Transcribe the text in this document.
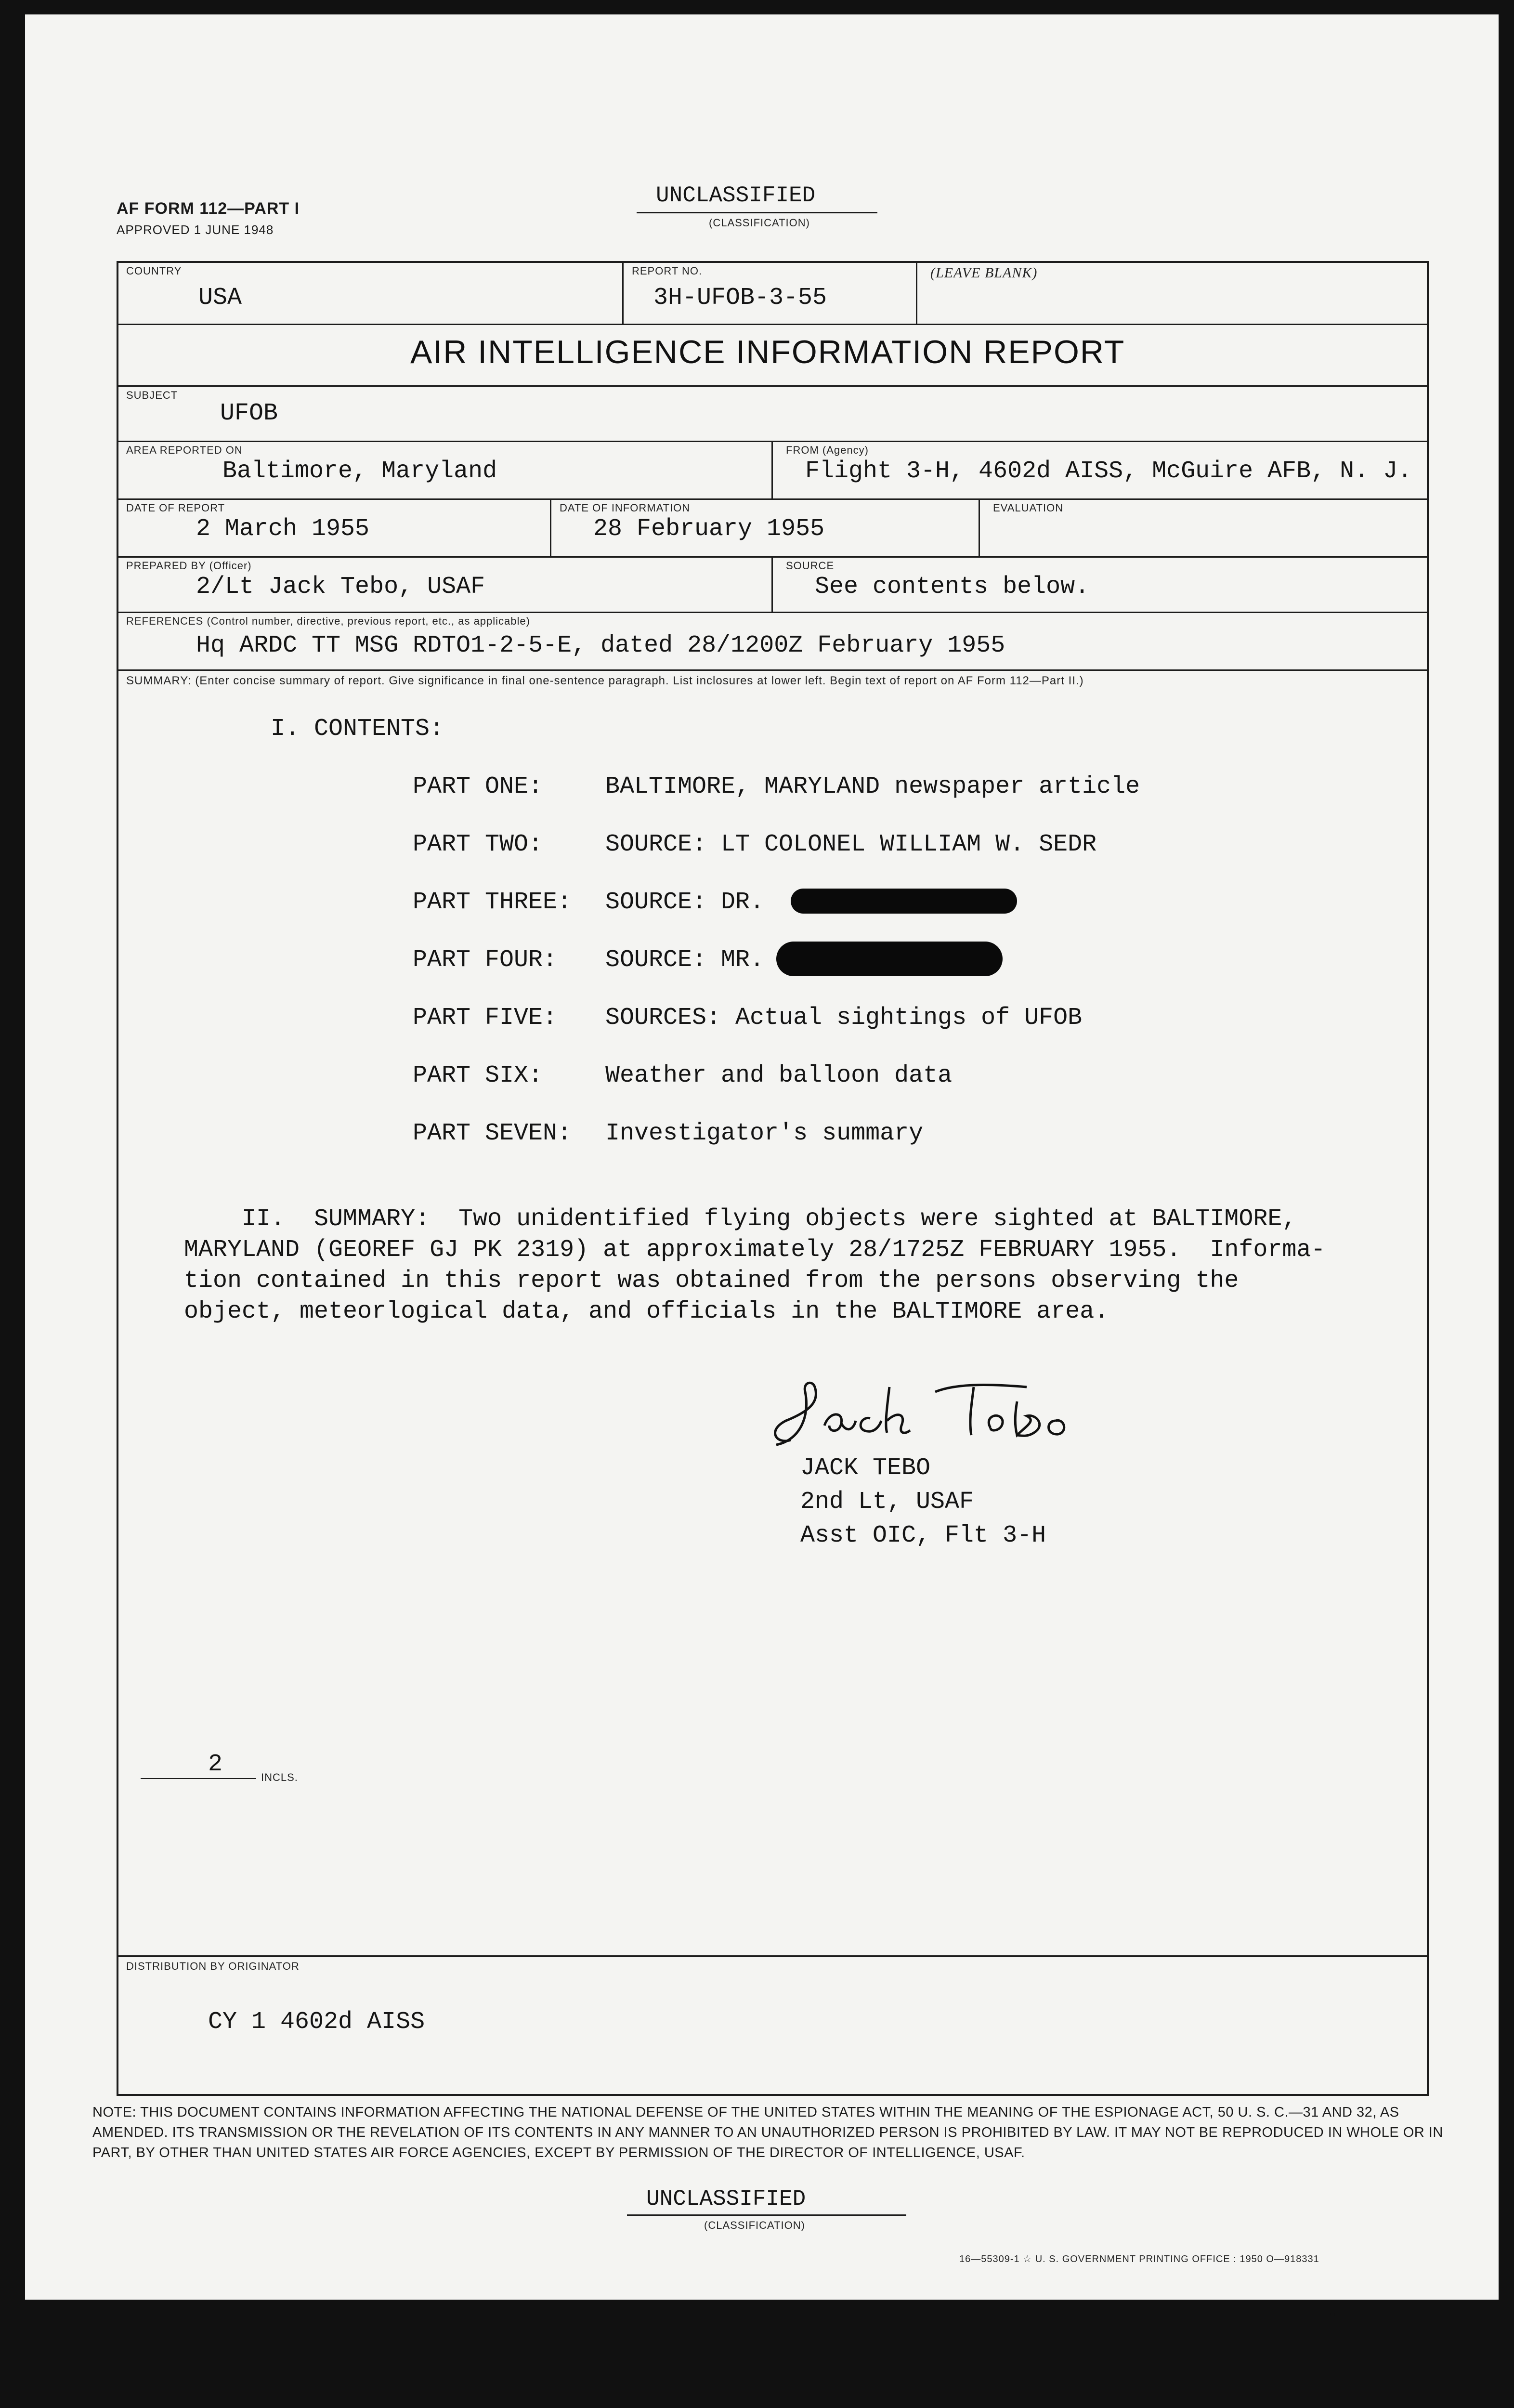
AF FORM 112—PART I
APPROVED 1 JUNE 1948
UNCLASSIFIED
(CLASSIFICATION)
COUNTRY
USA
REPORT NO.
3H-UFOB-3-55
(LEAVE BLANK)
AIR INTELLIGENCE INFORMATION REPORT
SUBJECT
UFOB
AREA REPORTED ON
Baltimore, Maryland
FROM (Agency)
Flight 3-H, 4602d AISS, McGuire AFB, N. J.
DATE OF REPORT
2 March 1955
DATE OF INFORMATION
28 February 1955
EVALUATION
PREPARED BY (Officer)
2/Lt Jack Tebo, USAF
SOURCE
See contents below.
REFERENCES (Control number, directive, previous report, etc., as applicable)
Hq ARDC TT MSG RDTO1-2-5-E, dated 28/1200Z February 1955
SUMMARY: (Enter concise summary of report. Give significance in final one-sentence paragraph. List inclosures at lower left. Begin text of report on AF Form 112—Part II.)
I. CONTENTS:
PART ONE:	BALTIMORE, MARYLAND newspaper article
PART TWO:	SOURCE: LT COLONEL WILLIAM W. SEDR
PART THREE: SOURCE: DR.
PART FOUR: SOURCE: MR.
PART FIVE: SOURCES: Actual sightings of UFOB
PART SIX:	Weather and balloon data
PART SEVEN: Investigator's summary
II.  SUMMARY:  Two unidentified flying objects were sighted at BALTIMORE,
MARYLAND (GEOREF GJ PK 2319) at approximately 28/1725Z FEBRUARY 1955.  Informa-
tion contained in this report was obtained from the persons observing the
object, meteorlogical data, and officials in the BALTIMORE area.
JACK TEBO
2nd Lt, USAF
Asst OIC, Flt 3-H
2	INCLS.
DISTRIBUTION BY ORIGINATOR
CY 1 4602d AISS
NOTE: THIS DOCUMENT CONTAINS INFORMATION AFFECTING THE NATIONAL DEFENSE OF THE UNITED STATES WITHIN THE MEANING OF THE ESPIONAGE ACT, 50 U. S. C.—31 AND 32, AS AMENDED. ITS TRANSMISSION OR THE REVELATION OF ITS CONTENTS IN ANY MANNER TO AN UNAUTHORIZED PERSON IS PROHIBITED BY LAW. IT MAY NOT BE REPRODUCED IN WHOLE OR IN PART, BY OTHER THAN UNITED STATES AIR FORCE AGENCIES, EXCEPT BY PERMISSION OF THE DIRECTOR OF INTELLIGENCE, USAF.
UNCLASSIFIED
(CLASSIFICATION)
16—55309-1 ☆ U. S. GOVERNMENT PRINTING OFFICE : 1950 O—918331
